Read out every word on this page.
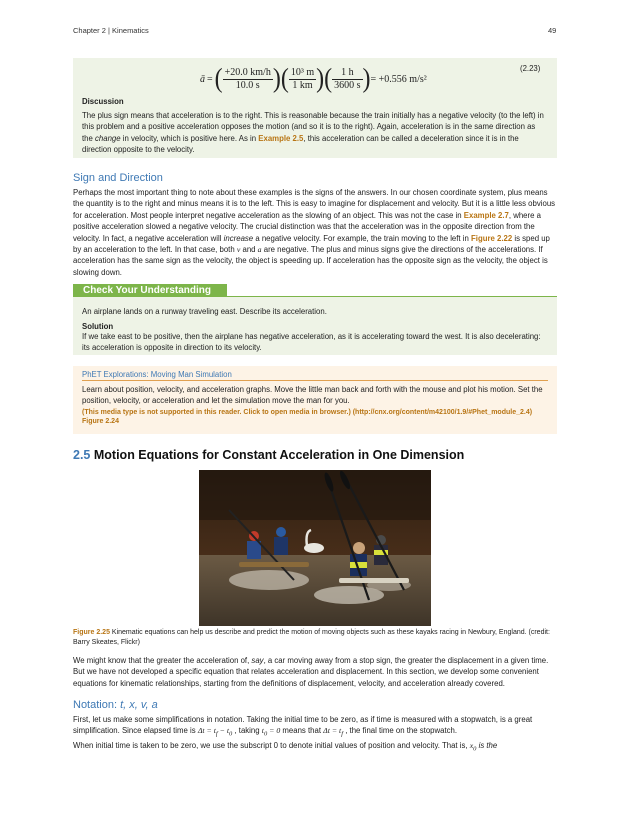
Chapter 2 | Kinematics	49
ā = ( $\frac{+20.0 km/h}{10.0 s}$ ) ( $\frac{\text{10³ m}}{1 km}$ ) ( $\frac{1 h}{3600 s}$ ) = +0.556 m/s²
(2.23)
Discussion

The plus sign means that acceleration is to the right. This is reasonable because the train initially has a negative velocity (to the left) in this problem and a positive acceleration opposes the motion (and so it is to the right). Again, acceleration is in the same direction as the change in velocity, which is positive here. As in Example 2.5, this acceleration can be called a deceleration since it is in the direction opposite to the velocity.

Sign and Direction

Perhaps the most important thing to note about these examples is the signs of the answers. In our chosen coordinate system, plus means the quantity is to the right and minus means it is to the left. This is easy to imagine for displacement and velocity. But it is a little less obvious for acceleration. Most people interpret negative acceleration as the slowing of an object. This was not the case in Example 2.7, where a positive acceleration slowed a negative velocity. The crucial distinction was that the acceleration was in the opposite direction from the velocity. In fact, a negative acceleration will increase a negative velocity. For example, the train moving to the left in Figure 2.22 is sped up by an acceleration to the left. In that case, both v and a are negative. The plus and minus signs give the directions of the accelerations. If acceleration has the same sign as the velocity, the object is speeding up. If acceleration has the opposite sign as the velocity, the object is slowing down.

Check Your Understanding

An airplane lands on a runway traveling east. Describe its acceleration.

Solution

If we take east to be positive, then the airplane has negative acceleration, as it is accelerating toward the west. It is also decelerating: its acceleration is opposite in direction to its velocity.

PhET Explorations: Moving Man Simulation

Learn about position, velocity, and acceleration graphs. Move the little man back and forth with the mouse and plot his motion. Set the position, velocity, or acceleration and let the simulation move the man for you.

(This media type is not supported in this reader. Click to open media in browser.) (http://cnx.org/content/m42100/1.9/#Phet_module_2.4)

Figure 2.24

2.5 Motion Equations for Constant Acceleration in One Dimension

Figure 2.25 Kinematic equations can help us describe and predict the motion of moving objects such as these kayaks racing in Newbury, England. (credit: Barry Skeates, Flickr)

We might know that the greater the acceleration of, say, a car moving away from a stop sign, the greater the displacement in a given time. But we have not developed a specific equation that relates acceleration and displacement. In this section, we develop some convenient equations for kinematic relationships, starting from the definitions of displacement, velocity, and acceleration already covered.

Notation: t, x, v, a

First, let us make some simplifications in notation. Taking the initial time to be zero, as if time is measured with a stopwatch, is a great simplification. Since elapsed time is $\Delta t = t_f - t_0$ , taking $t_0 = 0$ means that $\Delta t = t_f$ , the final time on the stopwatch.

When initial time is taken to be zero, we use the subscript 0 to denote initial values of position and velocity. That is, $x_0$ is the
